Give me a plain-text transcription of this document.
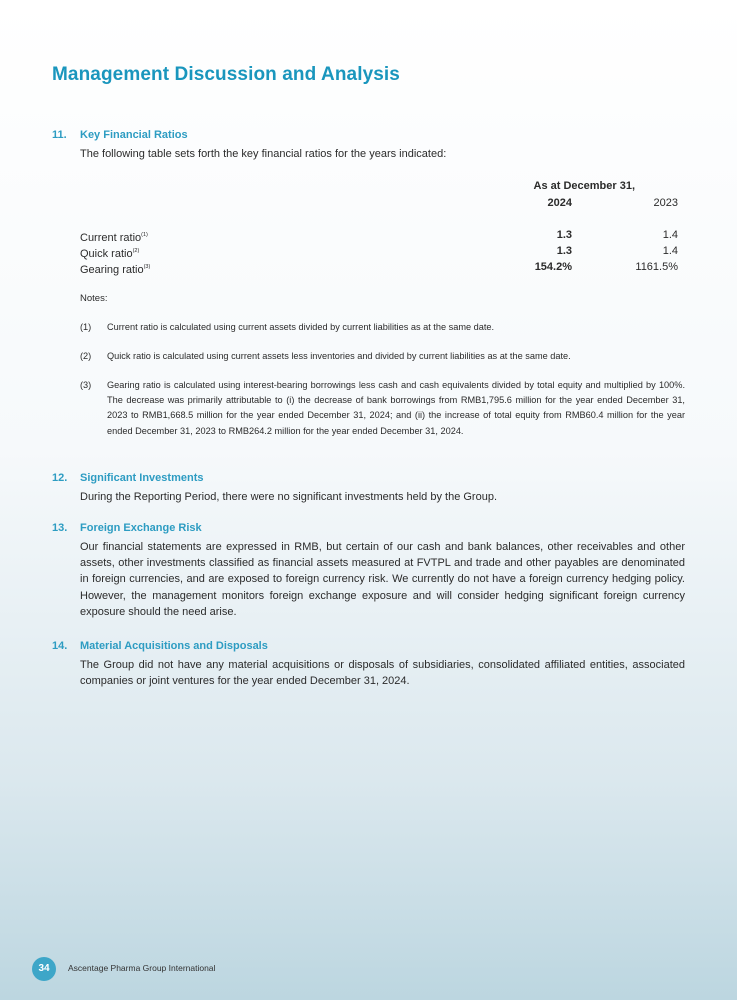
Management Discussion and Analysis
11. Key Financial Ratios
The following table sets forth the key financial ratios for the years indicated:
As at December 31,
2024	2023
Current ratio$^{(1)}$	1.3	1.4
Quick ratio$^{(2)}$	1.3	1.4
Gearing ratio$^{(3)}$	154.2%	1161.5%
Notes:
(1) Current ratio is calculated using current assets divided by current liabilities as at the same date.
(2) Quick ratio is calculated using current assets less inventories and divided by current liabilities as at the same date.
(3) Gearing ratio is calculated using interest-bearing borrowings less cash and cash equivalents divided by total equity and multiplied by 100%. The decrease was primarily attributable to (i) the decrease of bank borrowings from RMB1,795.6 million for the year ended December 31, 2023 to RMB1,668.5 million for the year ended December 31, 2024; and (ii) the increase of total equity from RMB60.4 million for the year ended December 31, 2023 to RMB264.2 million for the year ended December 31, 2024.
12. Significant Investments
During the Reporting Period, there were no significant investments held by the Group.
13. Foreign Exchange Risk
Our financial statements are expressed in RMB, but certain of our cash and bank balances, other receivables and other assets, other investments classified as financial assets measured at FVTPL and trade and other payables are denominated in foreign currencies, and are exposed to foreign currency risk. We currently do not have a foreign currency hedging policy. However, the management monitors foreign exchange exposure and will consider hedging significant foreign currency exposure should the need arise.
14. Material Acquisitions and Disposals
The Group did not have any material acquisitions or disposals of subsidiaries, consolidated affiliated entities, associated companies or joint ventures for the year ended December 31, 2024.
34	Ascentage Pharma Group International
